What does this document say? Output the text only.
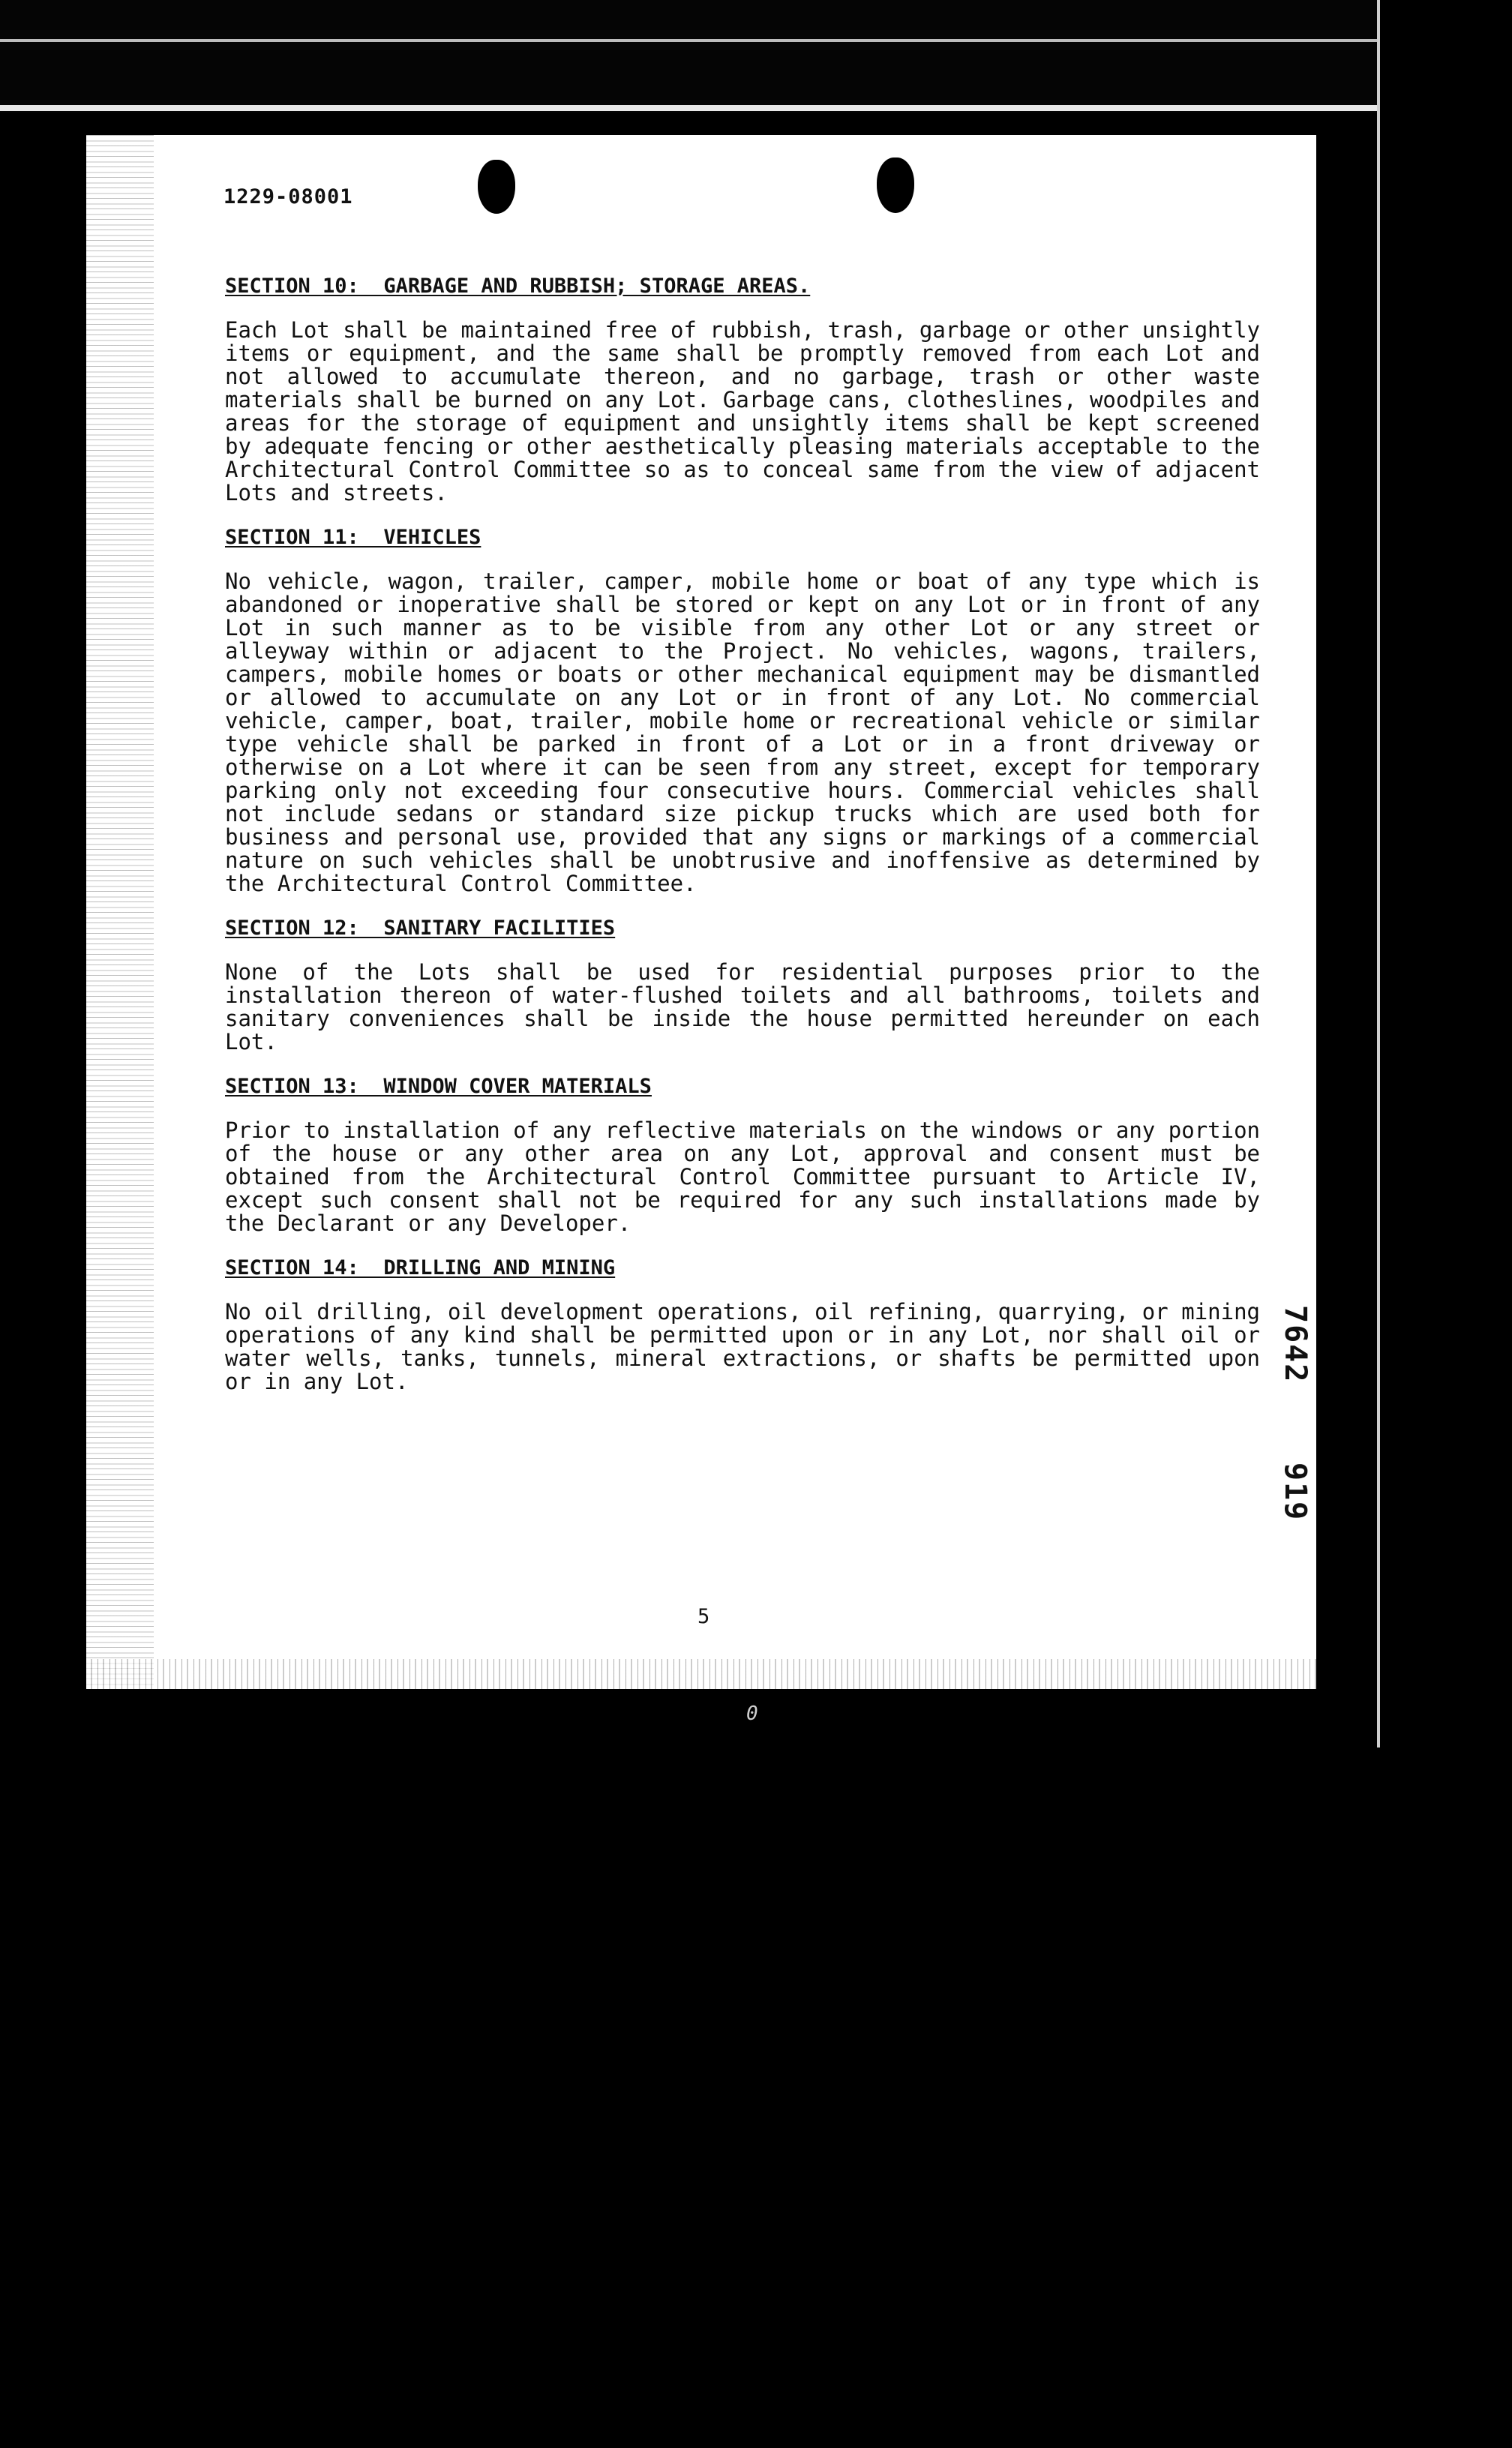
1229-08001
SECTION 10:  GARBAGE AND RUBBISH; STORAGE AREAS.
Each Lot shall be maintained free of rubbish, trash, garbage or other unsightly items or equipment, and the same shall be promptly removed from each Lot and not allowed to accumulate thereon, and no garbage, trash or other waste materials shall be burned on any Lot. Garbage cans, clotheslines, woodpiles and areas for the storage of equipment and unsightly items shall be kept screened by adequate fencing or other aesthetically pleasing materials acceptable to the Architectural Control Committee so as to conceal same from the view of adjacent Lots and streets.
SECTION 11:  VEHICLES
No vehicle, wagon, trailer, camper, mobile home or boat of any type which is abandoned or inoperative shall be stored or kept on any Lot or in front of any Lot in such manner as to be visible from any other Lot or any street or alleyway within or adjacent to the Project. No vehicles, wagons, trailers, campers, mobile homes or boats or other mechanical equipment may be dismantled or allowed to accumulate on any Lot or in front of any Lot. No commercial vehicle, camper, boat, trailer, mobile home or recreational vehicle or similar type vehicle shall be parked in front of a Lot or in a front driveway or otherwise on a Lot where it can be seen from any street, except for temporary parking only not exceeding four consecutive hours. Commercial vehicles shall not include sedans or standard size pickup trucks which are used both for business and personal use, provided that any signs or markings of a commercial nature on such vehicles shall be unobtrusive and inoffensive as determined by the Architectural Control Committee.
SECTION 12:  SANITARY FACILITIES
None of the Lots shall be used for residential purposes prior to the installation thereon of water-flushed toilets and all bathrooms, toilets and sanitary conveniences shall be inside the house permitted hereunder on each Lot.
SECTION 13:  WINDOW COVER MATERIALS
Prior to installation of any reflective materials on the windows or any portion of the house or any other area on any Lot, approval and consent must be obtained from the Architectural Control Committee pursuant to Article IV, except such consent shall not be required for any such installations made by the Declarant or any Developer.
SECTION 14:  DRILLING AND MINING
No oil drilling, oil development operations, oil refining, quarrying, or mining operations of any kind shall be permitted upon or in any Lot, nor shall oil or water wells, tanks, tunnels, mineral extractions, or shafts be permitted upon or in any Lot.	7642
919
5
0
